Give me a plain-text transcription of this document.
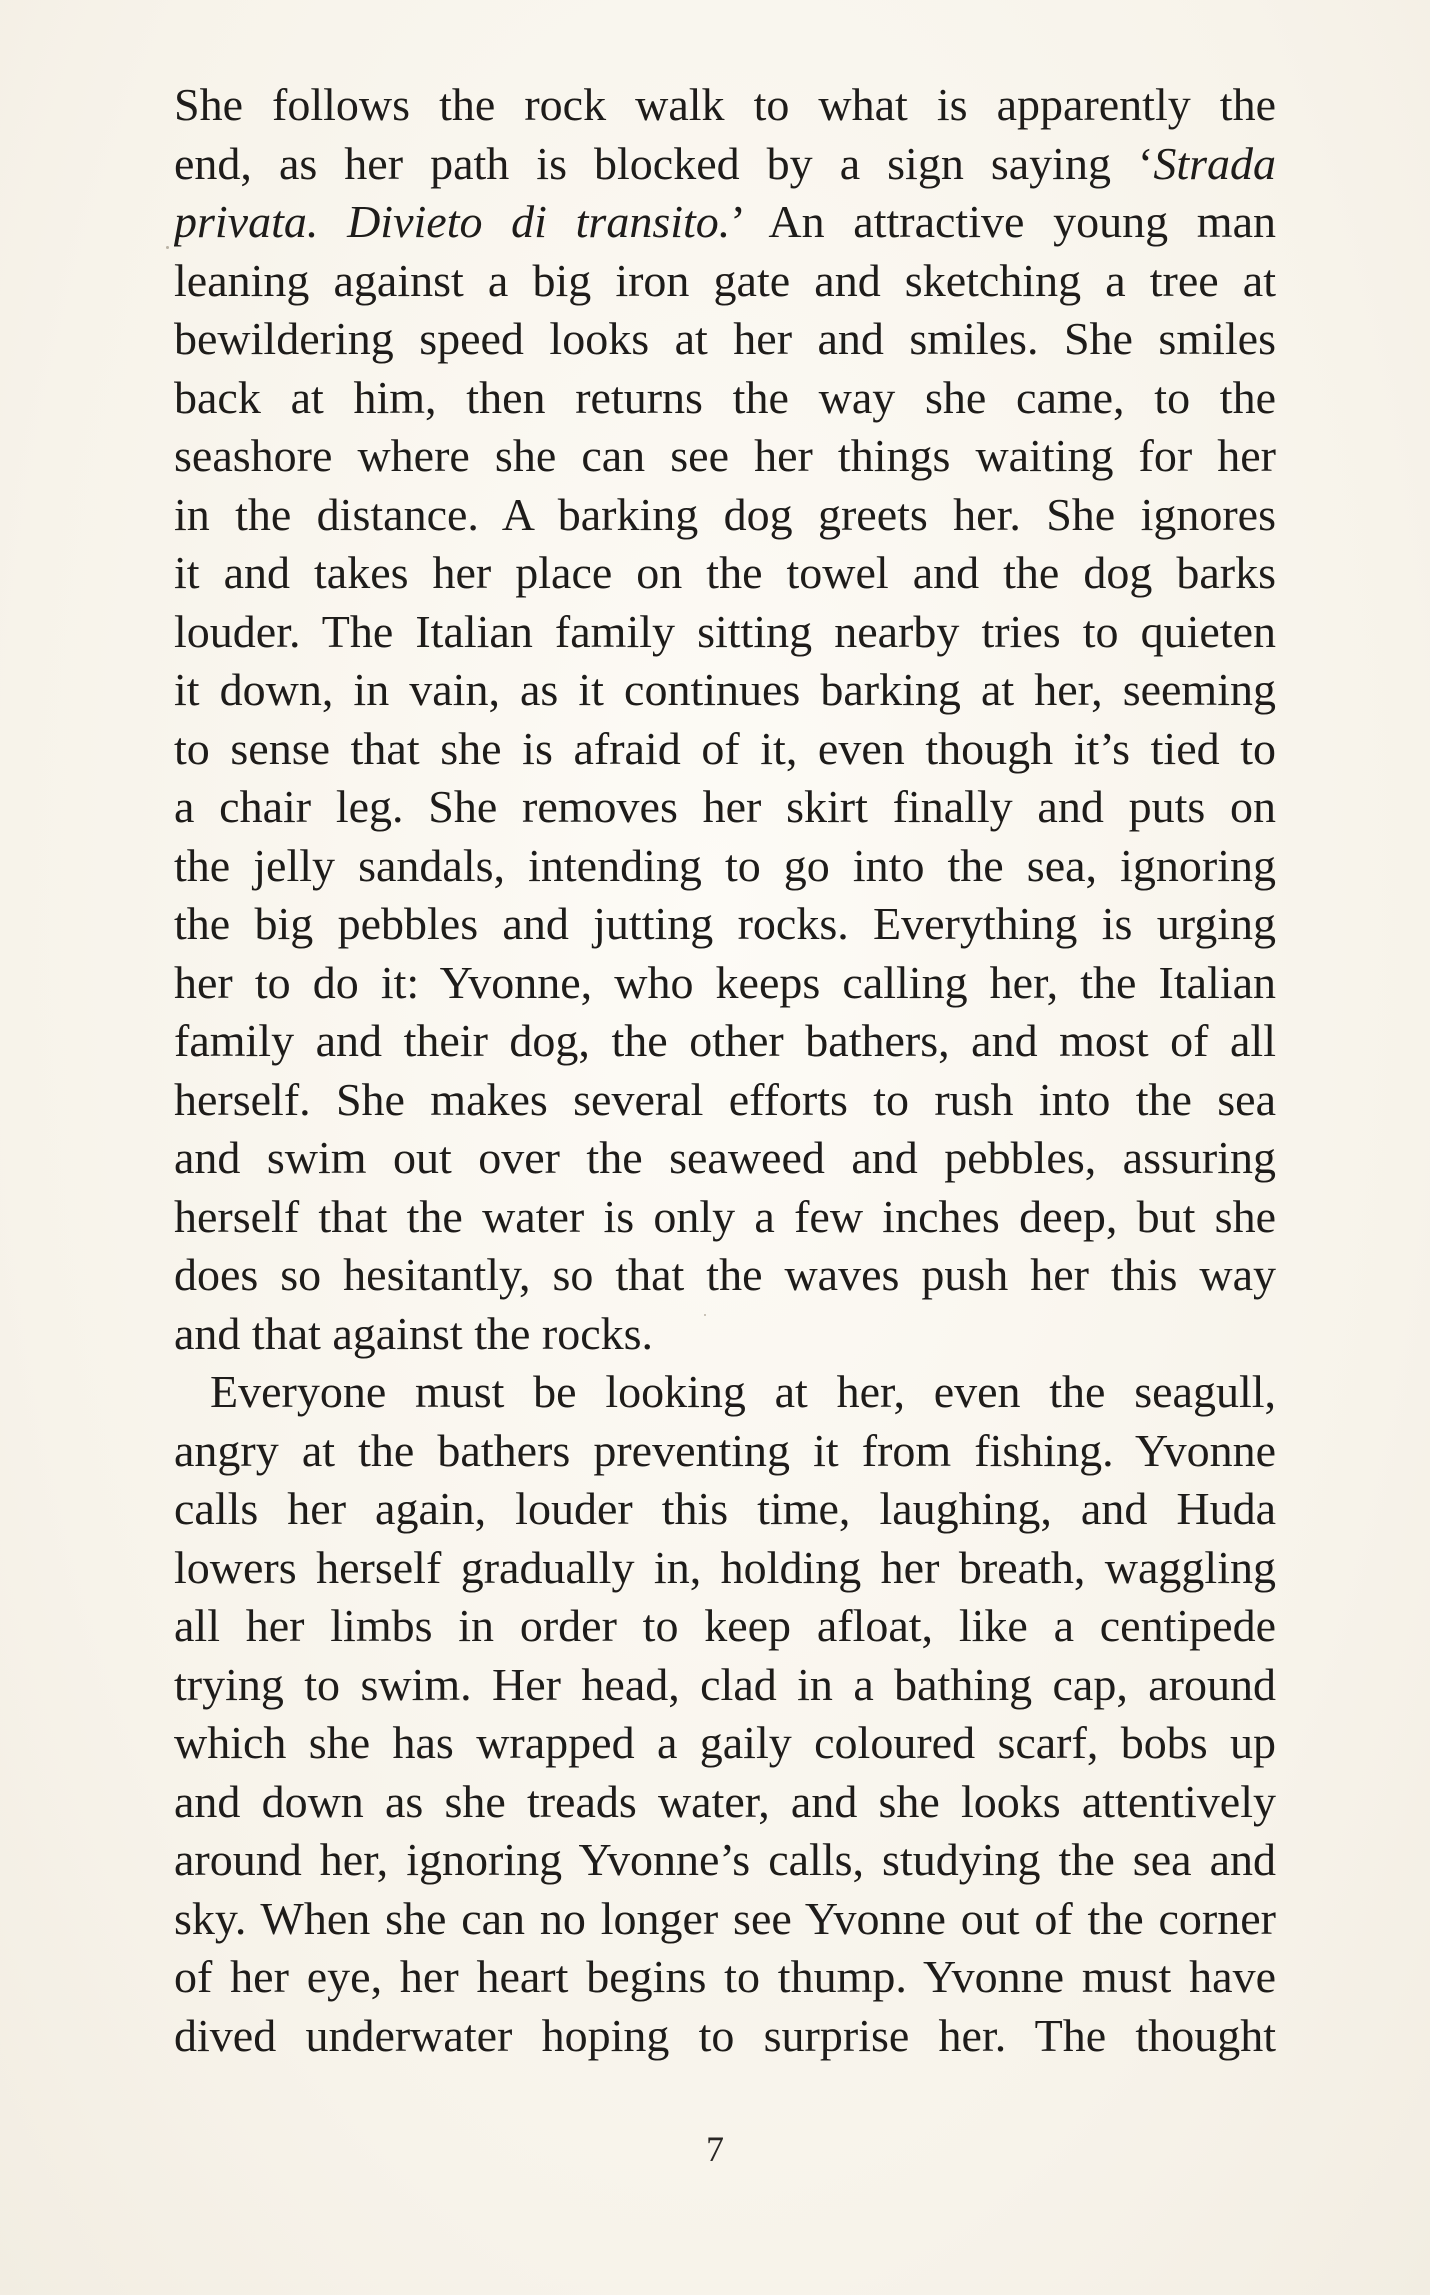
She follows the rock walk to what is apparently the
end, as her path is blocked by a sign saying ‘Strada
privata. Divieto di transito.’ An attractive young man
leaning against a big iron gate and sketching a tree at
bewildering speed looks at her and smiles. She smiles
back at him, then returns the way she came, to the
seashore where she can see her things waiting for her
in the distance. A barking dog greets her. She ignores
it and takes her place on the towel and the dog barks
louder. The Italian family sitting nearby tries to quieten
it down, in vain, as it continues barking at her, seeming
to sense that she is afraid of it, even though it’s tied to
a chair leg. She removes her skirt finally and puts on
the jelly sandals, intending to go into the sea, ignoring
the big pebbles and jutting rocks. Everything is urging
her to do it: Yvonne, who keeps calling her, the Italian
family and their dog, the other bathers, and most of all
herself. She makes several efforts to rush into the sea
and swim out over the seaweed and pebbles, assuring
herself that the water is only a few inches deep, but she
does so hesitantly, so that the waves push her this way
and that against the rocks.
Everyone must be looking at her, even the seagull,
angry at the bathers preventing it from fishing. Yvonne
calls her again, louder this time, laughing, and Huda
lowers herself gradually in, holding her breath, waggling
all her limbs in order to keep afloat, like a centipede
trying to swim. Her head, clad in a bathing cap, around
which she has wrapped a gaily coloured scarf, bobs up
and down as she treads water, and she looks attentively
around her, ignoring Yvonne’s calls, studying the sea and
sky. When she can no longer see Yvonne out of the corner
of her eye, her heart begins to thump. Yvonne must have
dived underwater hoping to surprise her. The thought
7
